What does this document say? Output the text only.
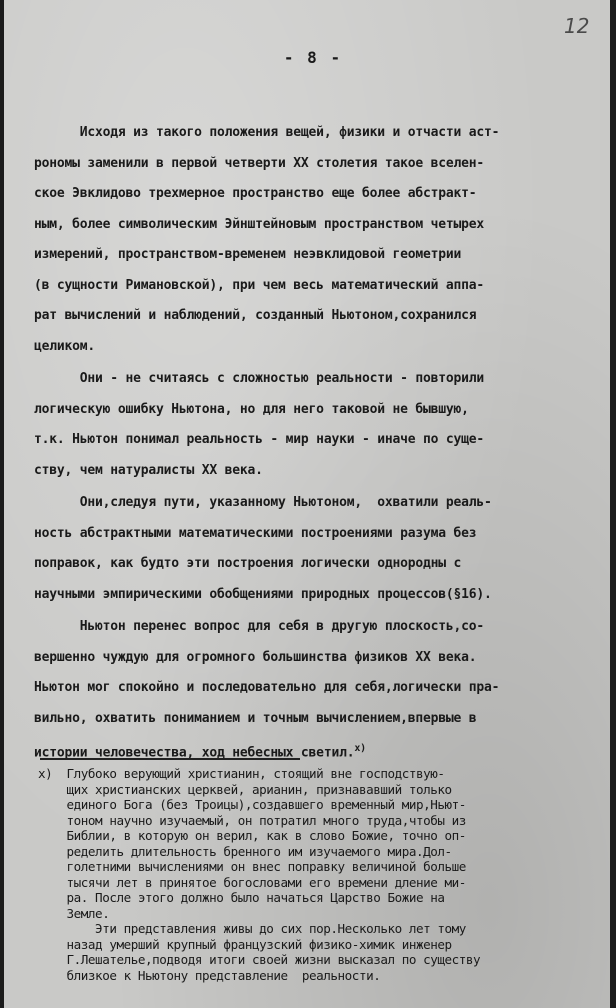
12
- 8 -
Исходя из такого положения вещей, физики и отчасти аст-
рономы заменили в первой четверти XX столетия такое вселен-
ское Эвклидово трехмерное пространство еще более абстракт-
ным, более символическим Эйнштейновым пространством четырех
измерений, пространством-временем неэвклидовой геометрии
(в сущности Римановской), при чем весь математический аппа-
рат вычислений и наблюдений, созданный Ньютоном,сохранился
целиком.
Они - не считаясь с сложностью реальности - повторили
логическую ошибку Ньютона, но для него таковой не бывшую,
т.к. Ньютон понимал реальность - мир науки - иначе по суще-
ству, чем натуралисты XX века.
Они,следуя пути, указанному Ньютоном,  охватили реаль-
ность абстрактными математическими построениями разума без
поправок, как будто эти построения логически однородны с
научными эмпирическими обобщениями природных процессов(§16).
Ньютон перенес вопрос для себя в другую плоскость,со-
вершенно чуждую для огромного большинства физиков XX века.
Ньютон мог спокойно и последовательно для себя,логически пра-
вильно, охватить пониманием и точным вычислением,впервые в
истории человечества, ход небесных светил.$^{x)}$
x)  Глубоко верующий христианин, стоящий вне господствую-
щих христианских церквей, арианин, признававший только
единого Бога (без Троицы),создавшего временный мир,Ньют-
тоном научно изучаемый, он потратил много труда,чтобы из
Библии, в которую он верил, как в слово Божие, точно оп-
ределить длительность бренного им изучаемого мира.Дол-
голетними вычислениями он внес поправку величиной больше
тысячи лет в принятое богословами его времени дление ми-
ра. После этого должно было начаться Царство Божие на
Земле.
Эти представления живы до сих пор.Несколько лет тому
назад умерший крупный французский физико-химик инженер
Г.Лешательe,подводя итоги своей жизни высказал по существу
близкое к Ньютону представление  реальности.
